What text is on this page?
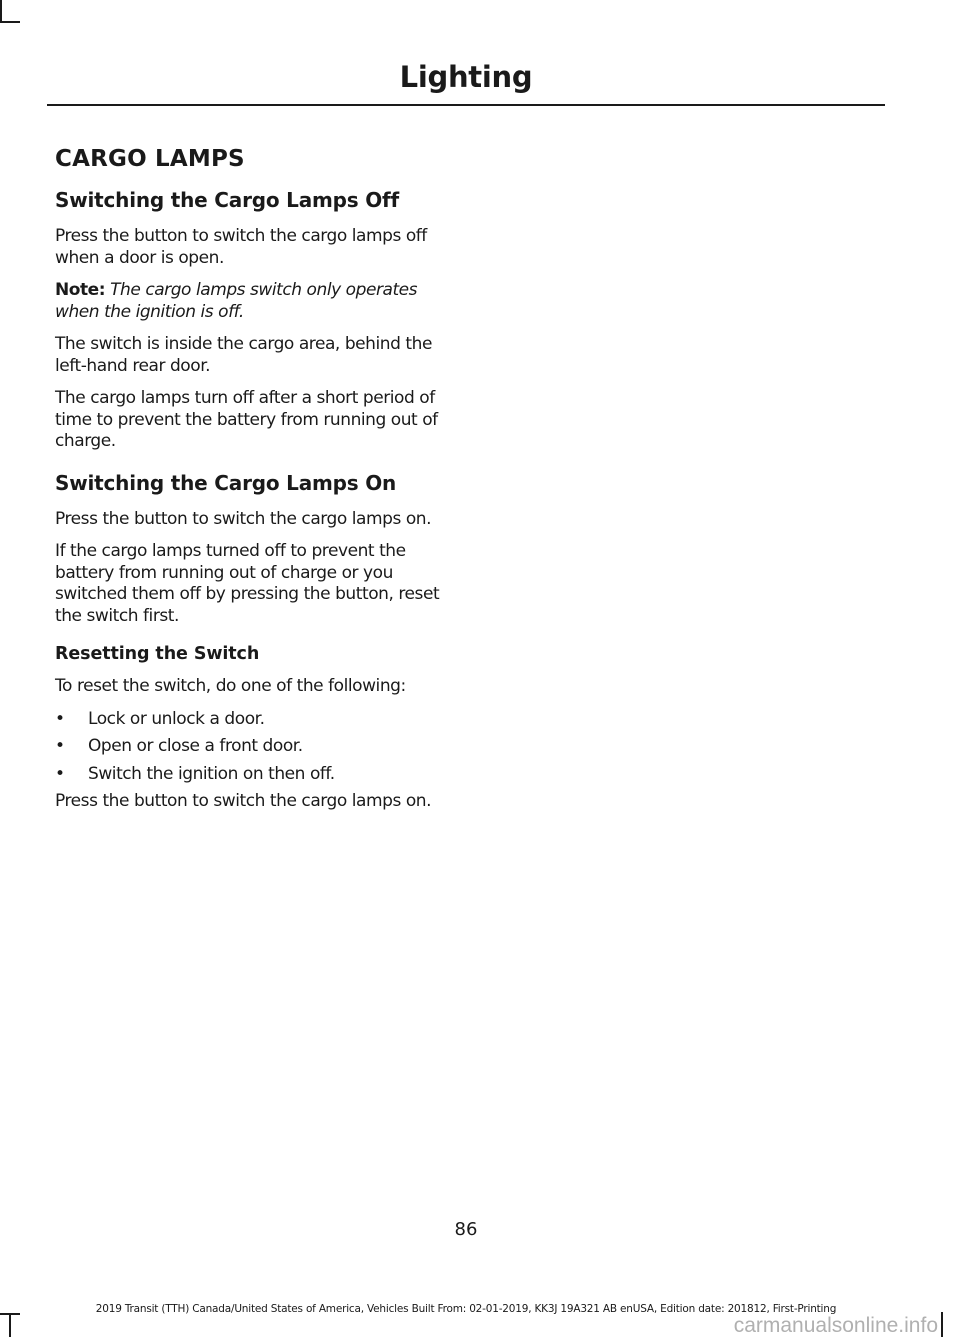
Lighting
CARGO LAMPS
Switching the Cargo Lamps Off

Press the button to switch the cargo lamps off when a door is open.

Note: The cargo lamps switch only operates when the ignition is off.

The switch is inside the cargo area, behind the left-hand rear door.

The cargo lamps turn off after a short period of time to prevent the battery from running out of charge.

Switching the Cargo Lamps On

Press the button to switch the cargo lamps on.

If the cargo lamps turned off to prevent the battery from running out of charge or you switched them off by pressing the button, reset the switch first.

Resetting the Switch

To reset the switch, do one of the following:

• Lock or unlock a door.
• Open or close a front door.
• Switch the ignition on then off.

Press the button to switch the cargo lamps on.

86
2019 Transit (TTH) Canada/United States of America, Vehicles Built From: 02-01-2019, KK3J 19A321 AB enUSA, Edition date: 201812, First-Printing
carmanualsonline.info
